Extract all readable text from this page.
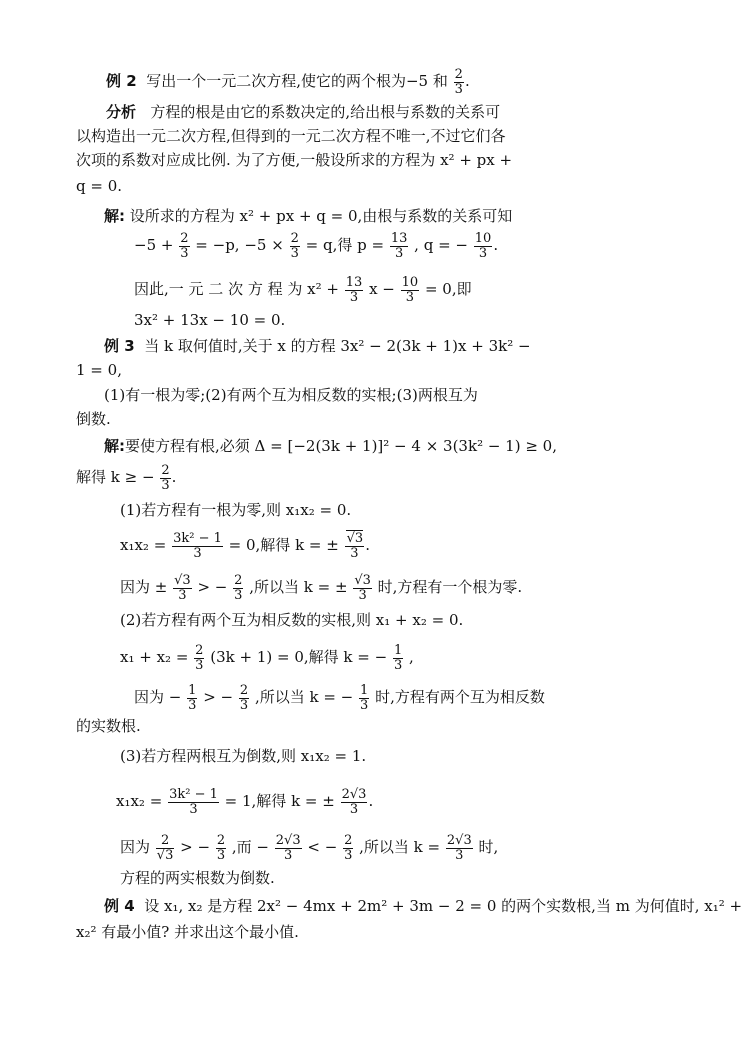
例 2 写出一个一元二次方程,使它的两个根为−5 和 $\frac{2}{3}$ .
分析 方程的根是由它的系数决定的,给出根与系数的关系可
以构造出一元二次方程,但得到的一元二次方程不唯一,不过它们各
次项的系数对应成比例. 为了方便,一般设所求的方程为 x² + px +
q = 0.
解: 设所求的方程为 x² + px + q = 0,由根与系数的关系可知
$-5 + \frac{2}{3} = -p$, $-5 \times \frac{2}{3} = q$,得 $p = \frac{13}{3}$ , q = − $\frac{10}{3}$ .
因此,一 元 二 次 方 程 为 $x^2 + \frac{13}{3}$ $x - \frac{10}{3} = 0$,即
3x² + 13x − 10 = 0.
例 3 当 k 取何值时,关于 x 的方程 3x² − 2(3k + 1)x + 3k² −
1 = 0,
(1)有一根为零;(2)有两个互为相反数的实根;(3)两根互为
倒数.
解:要使方程有根,必须 Δ = [−2(3k + 1)]² − 4 × 3(3k² − 1) ≥ 0,
解得 k ≥ − $\frac{2}{3}$ .
(1)若方程有一根为零,则 x₁x₂ = 0.
$x_1x_2 = \frac{\text{3k² − 1}}{3} = 0$,解得 k = ± $\frac{√3}{3}$ .
因为 ± $\frac{√3}{3}$ > − $\frac{2}{3}$ ,所以当 k = ± $\frac{√3}{3}$ 时,方程有一个根为零.
(2)若方程有两个互为相反数的实根,则 x₁ + x₂ = 0.
$x_1 + x_2 = \frac{2}{3} (3k + 1) = 0$,解得 k = − $\frac{1}{3}$ ,
因为 − $\frac{1}{3}$ > − $\frac{2}{3}$ ,所以当 k = − $\frac{1}{3}$ 时,方程有两个互为相反数
的实数根.
(3)若方程两根互为倒数,则 x₁x₂ = 1.
$x_1x_2 = \frac{\text{3k² − 1}}{3} = 1$,解得 k = ± $\frac{2√3}{3}$ .
因为 $\frac{2}{√3}$ > − $\frac{2}{3}$ ,而 − $\frac{2√3}{3}$ < − $\frac{2}{3}$ ,所以当 $k = \frac{2√3}{3}$ 时,
方程的两实根数为倒数.
例 4 设 x₁, x₂ 是方程 2x² − 4mx + 2m² + 3m − 2 = 0 的两个实数根,当 m 为何值时, x₁² +
x₂² 有最小值? 并求出这个最小值.
